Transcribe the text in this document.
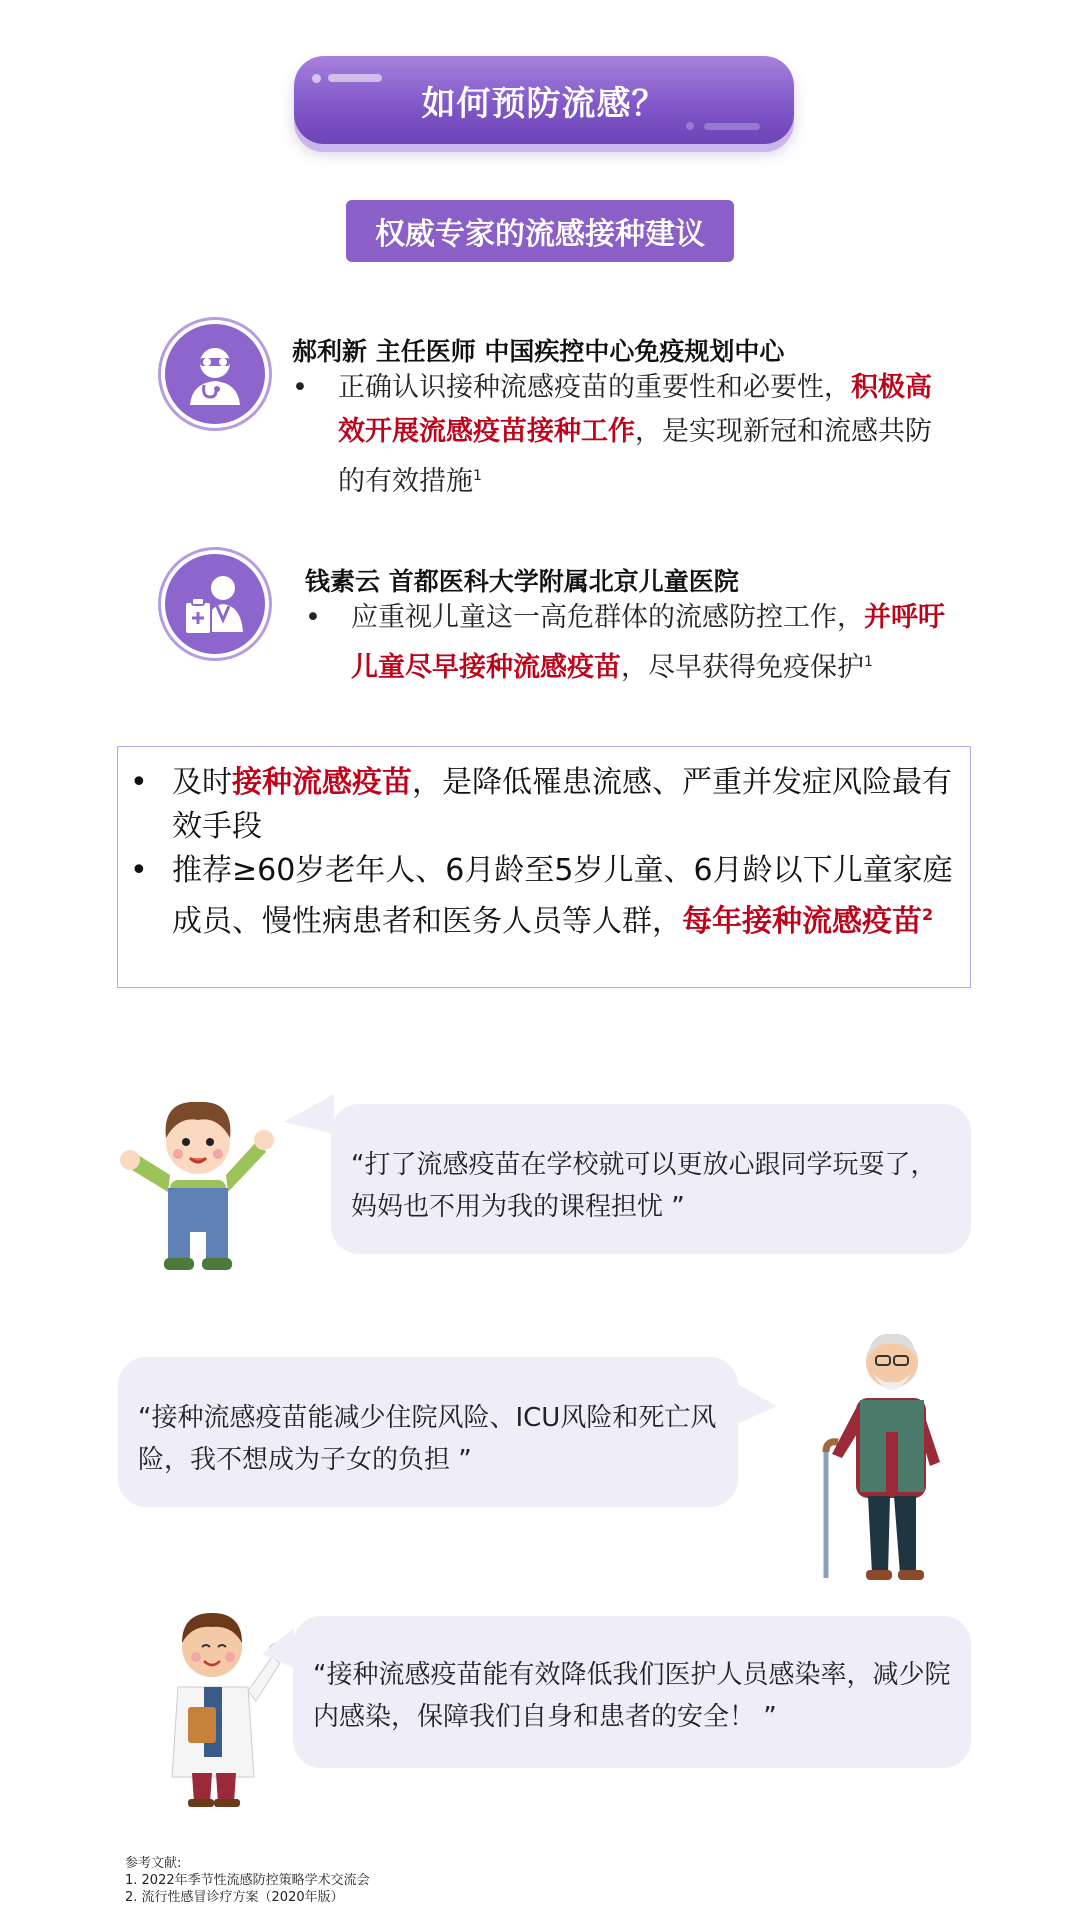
如何预防流感？
权威专家的流感接种建议
郝利新 主任医师 中国疾控中心免疫规划中心
•	正确认识接种流感疫苗的重要性和必要性，积极高效开展流感疫苗接种工作，是实现新冠和流感共防的有效措施$^1$
钱素云 首都医科大学附属北京儿童医院
•	应重视儿童这一高危群体的流感防控工作，并呼吁儿童尽早接种流感疫苗，尽早获得免疫保护$^1$
• 及时接种流感疫苗，是降低罹患流感、严重并发症风险最有效手段
• 推荐≥60岁老年人、6月龄至5岁儿童、6月龄以下儿童家庭成员、慢性病患者和医务人员等人群，每年接种流感疫苗$^2$
“打了流感疫苗在学校就可以更放心跟同学玩耍了，妈妈也不用为我的课程担忧 ”
“接种流感疫苗能减少住院风险、ICU风险和死亡风险，我不想成为子女的负担 ”
“接种流感疫苗能有效降低我们医护人员感染率，减少院内感染，保障我们自身和患者的安全！ ”
参考文献:
1. 2022年季节性流感防控策略学术交流会
2. 流行性感冒诊疗方案（2020年版）
